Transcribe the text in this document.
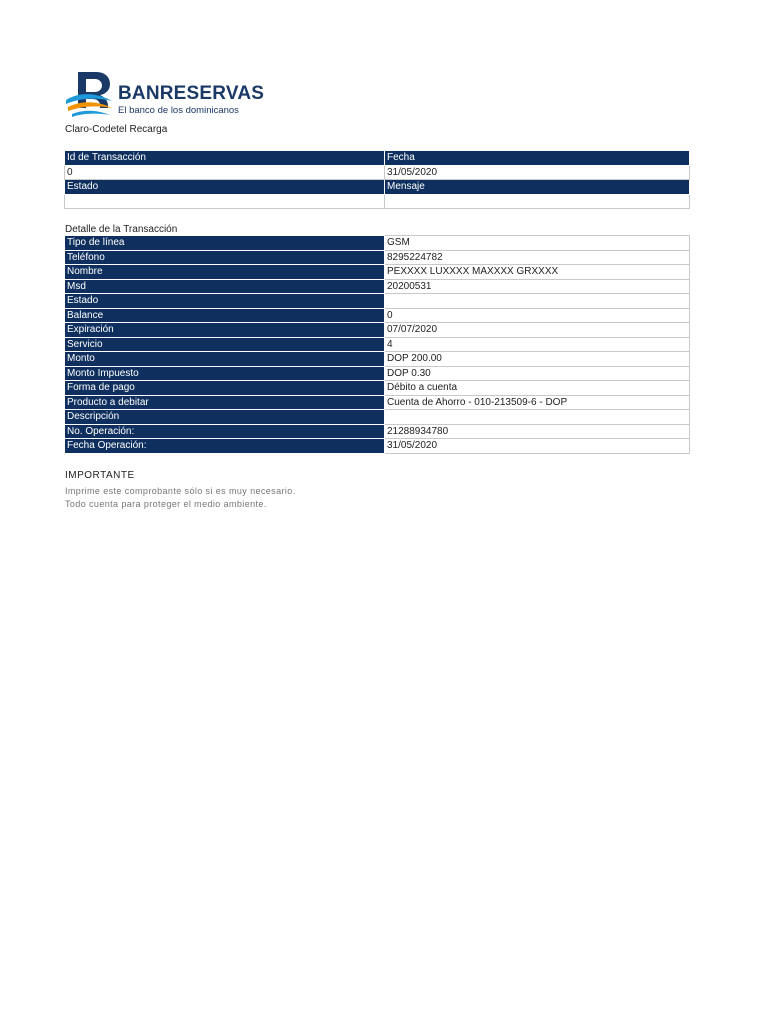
BANRESERVAS
El banco de los dominicanos
Claro-Codetel Recarga
Id de Transacción	Fecha
0	31/05/2020
Estado	Mensaje

Detalle de la Transacción
Tipo de línea	GSM
Teléfono	8295224782
Nombre	PEXXXX LUXXXX MAXXXX GRXXXX
Msd	20200531
Estado	
Balance	0
Expiración	07/07/2020
Servicio	4
Monto	DOP 200.00
Monto Impuesto	DOP 0.30
Forma de pago	Débito a cuenta
Producto a debitar	Cuenta de Ahorro - 010-213509-6 - DOP
Descripción	
No. Operación:	21288934780
Fecha Operación:	31/05/2020
IMPORTANTE
Imprime este comprobante sólo si es muy necesario.
Todo cuenta para proteger el medio ambiente.
